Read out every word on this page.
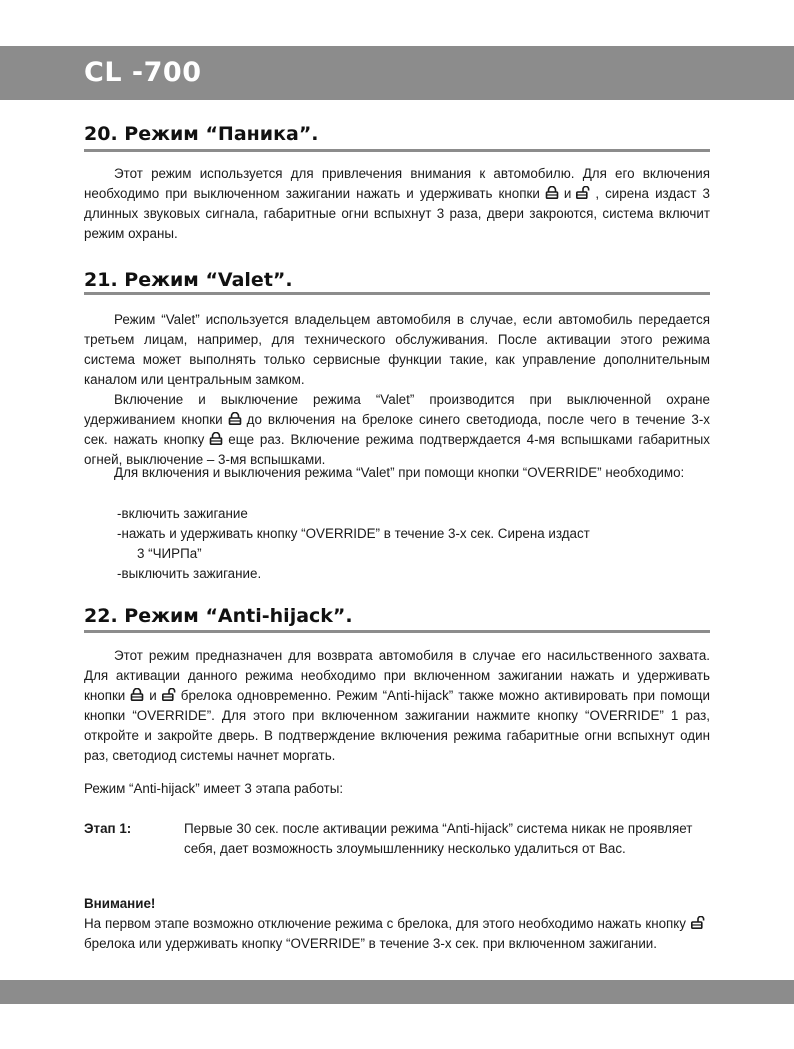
CL -700
20. Режим “Паника”.

Этот режим используется для привлечения внимания к автомобилю. Для его включения необходимо при выключенном зажигании нажать и удерживать кнопки и , сирена издаст 3 длинных звуковых сигнала, габаритные огни вспыхнут 3 раза, двери закроются, система включит режим охраны.

21. Режим “Valet”.

Режим “Valet” используется владельцем автомобиля в случае, если автомобиль передается третьем лицам, например, для технического обслуживания. После активации этого режима система может выполнять только сервисные функции такие, как управление дополнительным каналом или центральным замком.

Включение и выключение режима “Valet” производится при выключенной охране удерживанием кнопки до включения на брелоке синего светодиода, после чего в течение 3-х сек. нажать кнопку еще раз. Включение режима подтверждается 4-мя вспышками габаритных огней, выключение – 3-мя вспышками.

Для включения и выключения режима “Valet” при помощи кнопки “OVERRIDE” необходимо:

-включить зажигание
-нажать и удерживать кнопку “OVERRIDE” в течение 3-х сек. Сирена издаст
3 “ЧИРПа”
-выключить зажигание.
22. Режим “Anti-hijack”.

Этот режим предназначен для возврата автомобиля в случае его насильственного захвата. Для активации данного режима необходимо при включенном зажигании нажать и удерживать кнопки и брелока одновременно. Режим “Anti-hijack” также можно активировать при помощи кнопки “OVERRIDE”. Для этого при включенном зажигании нажмите кнопку “OVERRIDE” 1 раз, откройте и закройте дверь. В подтверждение включения режима габаритные огни вспыхнут один раз, светодиод системы начнет моргать.

Режим “Anti-hijack” имеет 3 этапа работы:
Этап 1:	Первые 30 сек. после активации режима “Anti-hijack” система никак не проявляет себя, дает возможность злоумышленнику несколько удалиться от Вас.

Внимание!

На первом этапе возможно отключение режима с брелока, для этого необходимо нажать кнопку
брелока или удерживать кнопку “OVERRIDE” в течение 3-х сек. при включенном зажигании.
